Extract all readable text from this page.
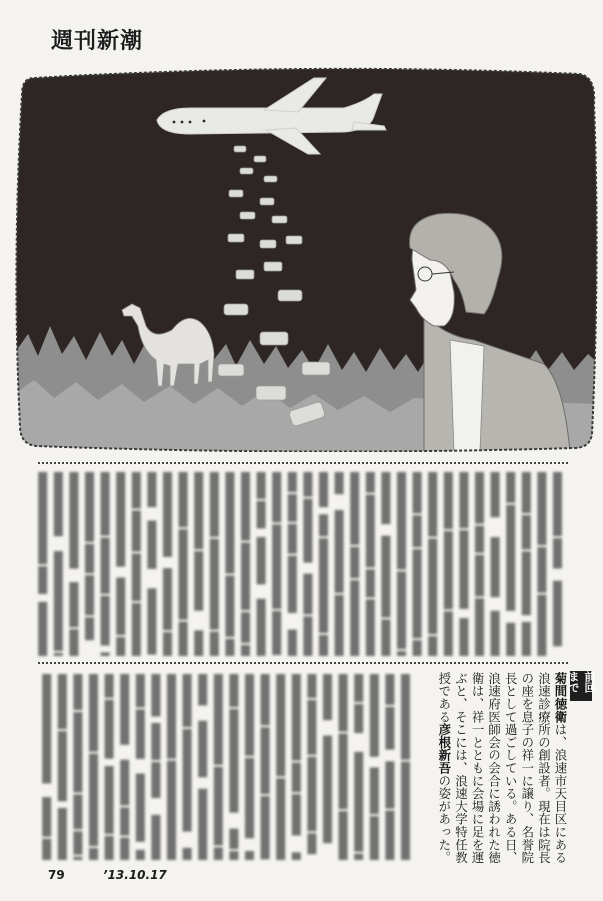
週刊新潮
前回まで
菊間徳衛は、浪速市天目区にある浪速診療所の創設者。現在は院長の座を息子の祥一に譲り、名誉院長として過ごしている。ある日、浪速府医師会の会合に誘われた徳衛は、祥一とともに会場に足を運ぶと、そこには、浪速大学特任教授である彦根新吾の姿があった。
79	’13.10.17
